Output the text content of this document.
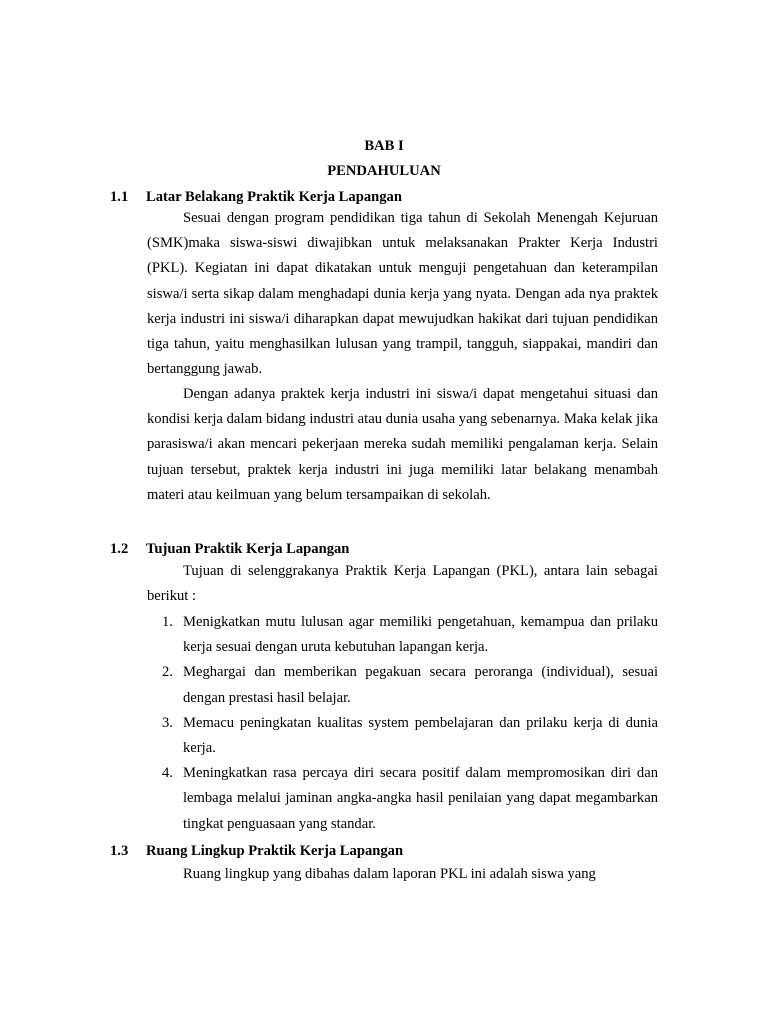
BAB I

PENDAHULUAN

1.1 Latar Belakang Praktik Kerja Lapangan

Sesuai dengan program pendidikan tiga tahun di Sekolah Menengah Kejuruan (SMK)maka siswa-siswi diwajibkan untuk melaksanakan Prakter Kerja Industri (PKL). Kegiatan ini dapat dikatakan untuk menguji pengetahuan dan keterampilan siswa/i serta sikap dalam menghadapi dunia kerja yang nyata. Dengan ada nya praktek kerja industri ini siswa/i diharapkan dapat mewujudkan hakikat dari tujuan pendidikan tiga tahun, yaitu menghasilkan lulusan yang trampil, tangguh, siappakai, mandiri dan bertanggung jawab.

Dengan adanya praktek kerja industri ini siswa/i dapat mengetahui situasi dan kondisi kerja dalam bidang industri atau dunia usaha yang sebenarnya. Maka kelak jika parasiswa/i akan mencari pekerjaan mereka sudah memiliki pengalaman kerja. Selain tujuan tersebut, praktek kerja industri ini juga memiliki latar belakang menambah materi atau keilmuan yang belum tersampaikan di sekolah.

1.2 Tujuan Praktik Kerja Lapangan

Tujuan di selenggrakanya Praktik Kerja Lapangan (PKL), antara lain sebagai berikut :

1. Menigkatkan mutu lulusan agar memiliki pengetahuan, kemampua dan prilaku kerja sesuai dengan uruta kebutuhan lapangan kerja.
2. Meghargai dan memberikan pegakuan secara peroranga (individual), sesuai dengan prestasi hasil belajar.
3. Memacu peningkatan kualitas system pembelajaran dan prilaku kerja di dunia kerja.
4. Meningkatkan rasa percaya diri secara positif dalam mempromosikan diri dan lembaga melalui jaminan angka-angka hasil penilaian yang dapat megambarkan tingkat penguasaan yang standar.

1.3 Ruang Lingkup Praktik Kerja Lapangan

Ruang lingkup yang dibahas dalam laporan PKL ini adalah siswa yang
